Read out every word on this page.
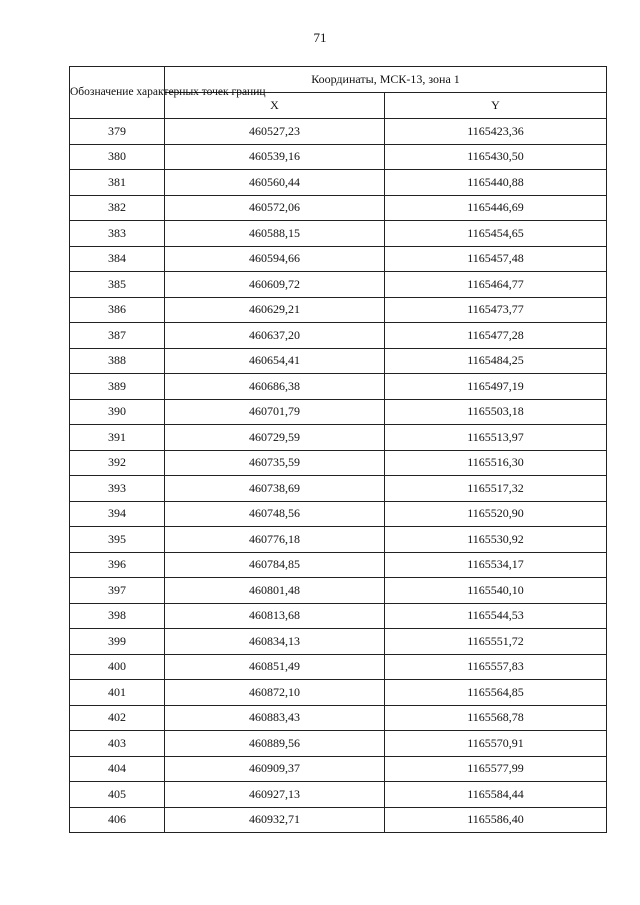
71
Обозначение характерных точек границ	Координаты, МСК-13, зона 1	
	X	Y
379	460527,23	1165423,36
380	460539,16	1165430,50
381	460560,44	1165440,88
382	460572,06	1165446,69
383	460588,15	1165454,65
384	460594,66	1165457,48
385	460609,72	1165464,77
386	460629,21	1165473,77
387	460637,20	1165477,28
388	460654,41	1165484,25
389	460686,38	1165497,19
390	460701,79	1165503,18
391	460729,59	1165513,97
392	460735,59	1165516,30
393	460738,69	1165517,32
394	460748,56	1165520,90
395	460776,18	1165530,92
396	460784,85	1165534,17
397	460801,48	1165540,10
398	460813,68	1165544,53
399	460834,13	1165551,72
400	460851,49	1165557,83
401	460872,10	1165564,85
402	460883,43	1165568,78
403	460889,56	1165570,91
404	460909,37	1165577,99
405	460927,13	1165584,44
406	460932,71	1165586,40
